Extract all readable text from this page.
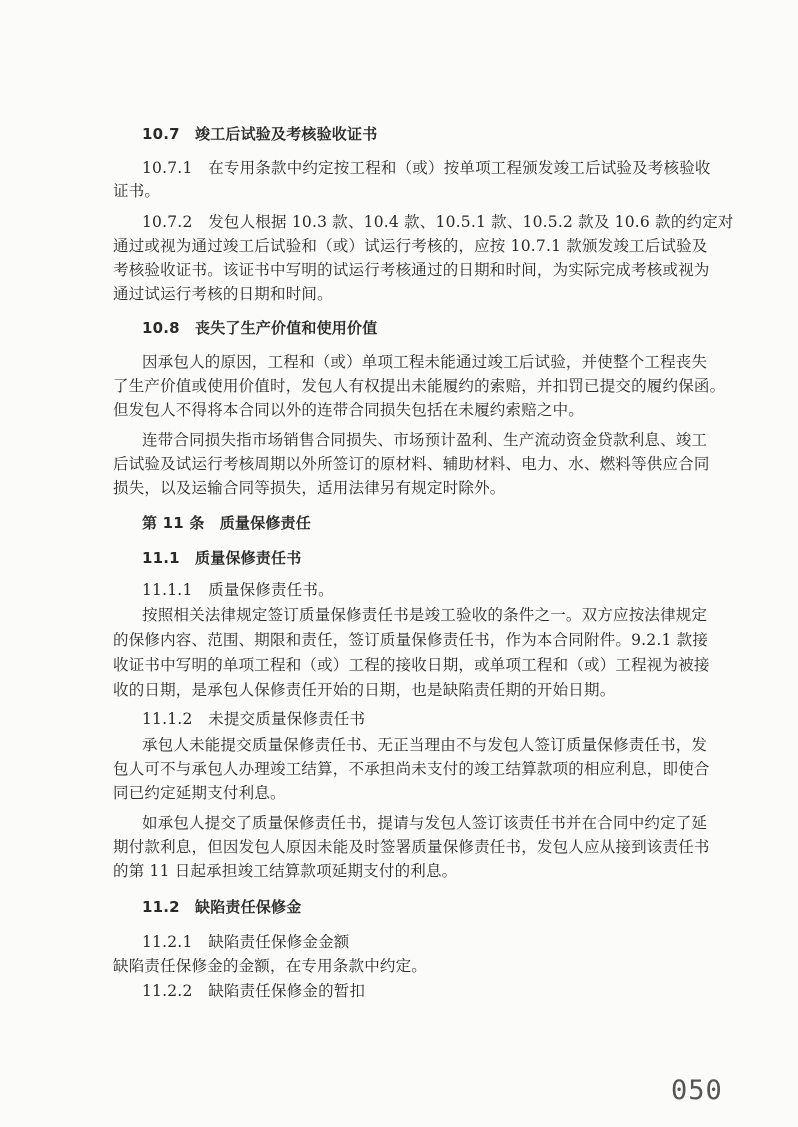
10.7　竣工后试验及考核验收证书
10.7.1　在专用条款中约定按工程和（或）按单项工程颁发竣工后试验及考核验收
证书。
10.7.2　发包人根据 10.3 款、10.4 款、10.5.1 款、10.5.2 款及 10.6 款的约定对
通过或视为通过竣工后试验和（或）试运行考核的，应按 10.7.1 款颁发竣工后试验及
考核验收证书。该证书中写明的试运行考核通过的日期和时间，为实际完成考核或视为
通过试运行考核的日期和时间。
10.8　丧失了生产价值和使用价值
因承包人的原因，工程和（或）单项工程未能通过竣工后试验，并使整个工程丧失
了生产价值或使用价值时，发包人有权提出未能履约的索赔，并扣罚已提交的履约保函。
但发包人不得将本合同以外的连带合同损失包括在未履约索赔之中。
连带合同损失指市场销售合同损失、市场预计盈利、生产流动资金贷款利息、竣工
后试验及试运行考核周期以外所签订的原材料、辅助材料、电力、水、燃料等供应合同
损失，以及运输合同等损失，适用法律另有规定时除外。
第 11 条　质量保修责任
11.1　质量保修责任书
11.1.1　质量保修责任书。
按照相关法律规定签订质量保修责任书是竣工验收的条件之一。双方应按法律规定
的保修内容、范围、期限和责任，签订质量保修责任书，作为本合同附件。9.2.1 款接
收证书中写明的单项工程和（或）工程的接收日期，或单项工程和（或）工程视为被接
收的日期，是承包人保修责任开始的日期，也是缺陷责任期的开始日期。
11.1.2　未提交质量保修责任书
承包人未能提交质量保修责任书、无正当理由不与发包人签订质量保修责任书，发
包人可不与承包人办理竣工结算，不承担尚未支付的竣工结算款项的相应利息，即使合
同已约定延期支付利息。
如承包人提交了质量保修责任书，提请与发包人签订该责任书并在合同中约定了延
期付款利息，但因发包人原因未能及时签署质量保修责任书，发包人应从接到该责任书
的第 11 日起承担竣工结算款项延期支付的利息。
11.2　缺陷责任保修金
11.2.1　缺陷责任保修金金额
缺陷责任保修金的金额，在专用条款中约定。
11.2.2　缺陷责任保修金的暂扣
050
